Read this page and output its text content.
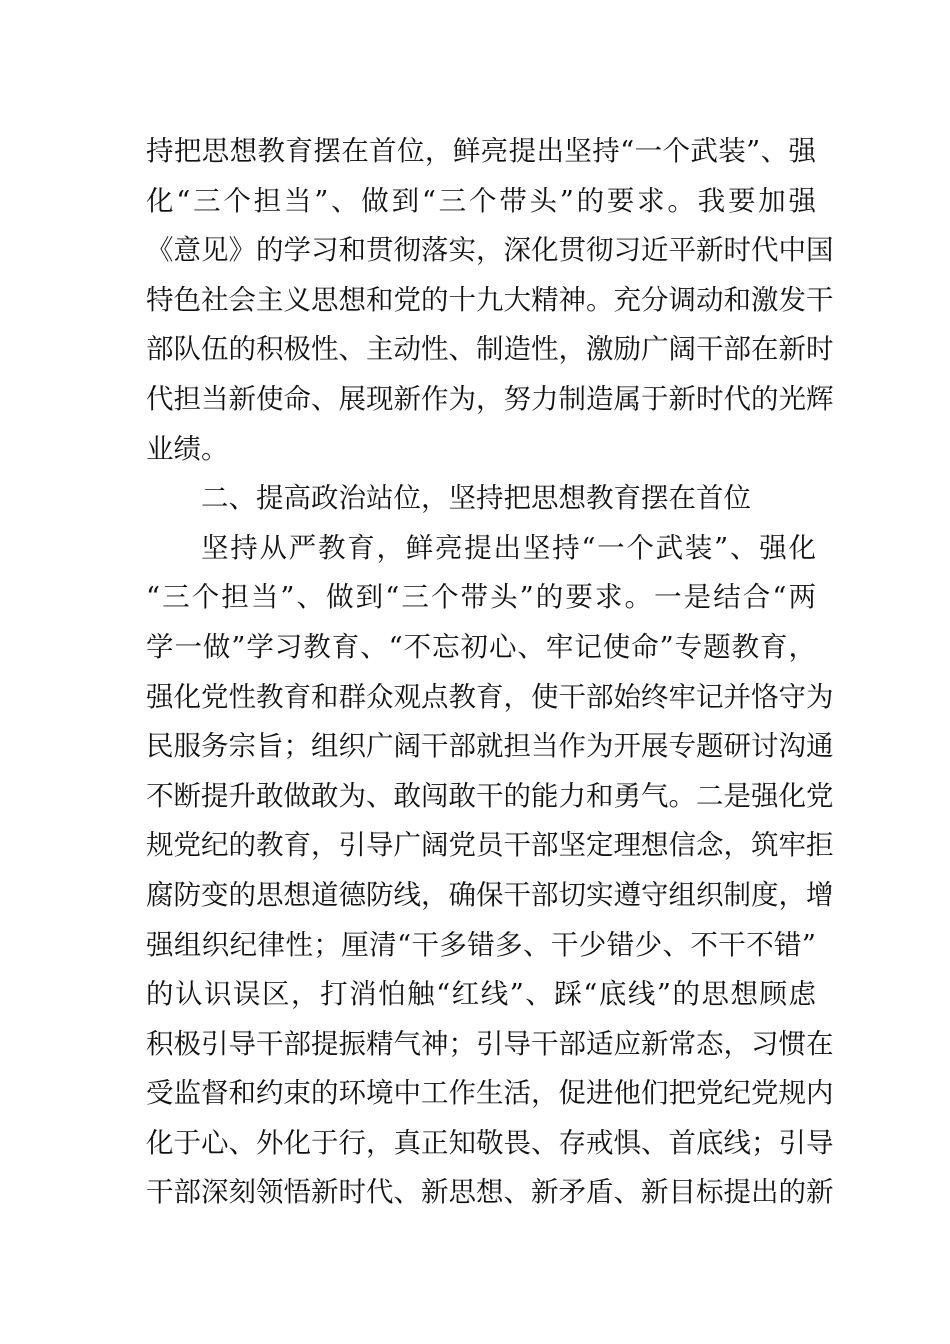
持把思想教育摆在首位，鲜亮提出坚持“一个武装”、强
化“三个担当”、做到“三个带头”的要求。我要加强
《意见》的学习和贯彻落实，深化贯彻习近平新时代中国
特色社会主义思想和党的十九大精神。充分调动和激发干
部队伍的积极性、主动性、制造性，激励广阔干部在新时
代担当新使命、展现新作为，努力制造属于新时代的光辉
业绩。
二、提高政治站位，坚持把思想教育摆在首位
坚持从严教育，鲜亮提出坚持“一个武装”、强化
“三个担当”、做到“三个带头”的要求。一是结合“两
学一做”学习教育、“不忘初心、牢记使命”专题教育，
强化党性教育和群众观点教育，使干部始终牢记并恪守为
民服务宗旨；组织广阔干部就担当作为开展专题研讨沟通
不断提升敢做敢为、敢闯敢干的能力和勇气。二是强化党
规党纪的教育，引导广阔党员干部坚定理想信念，筑牢拒
腐防变的思想道德防线，确保干部切实遵守组织制度，增
强组织纪律性；厘清“干多错多、干少错少、不干不错”
的认识误区，打消怕触“红线”、踩“底线”的思想顾虑
积极引导干部提振精气神；引导干部适应新常态，习惯在
受监督和约束的环境中工作生活，促进他们把党纪党规内
化于心、外化于行，真正知敬畏、存戒惧、首底线；引导
干部深刻领悟新时代、新思想、新矛盾、新目标提出的新
